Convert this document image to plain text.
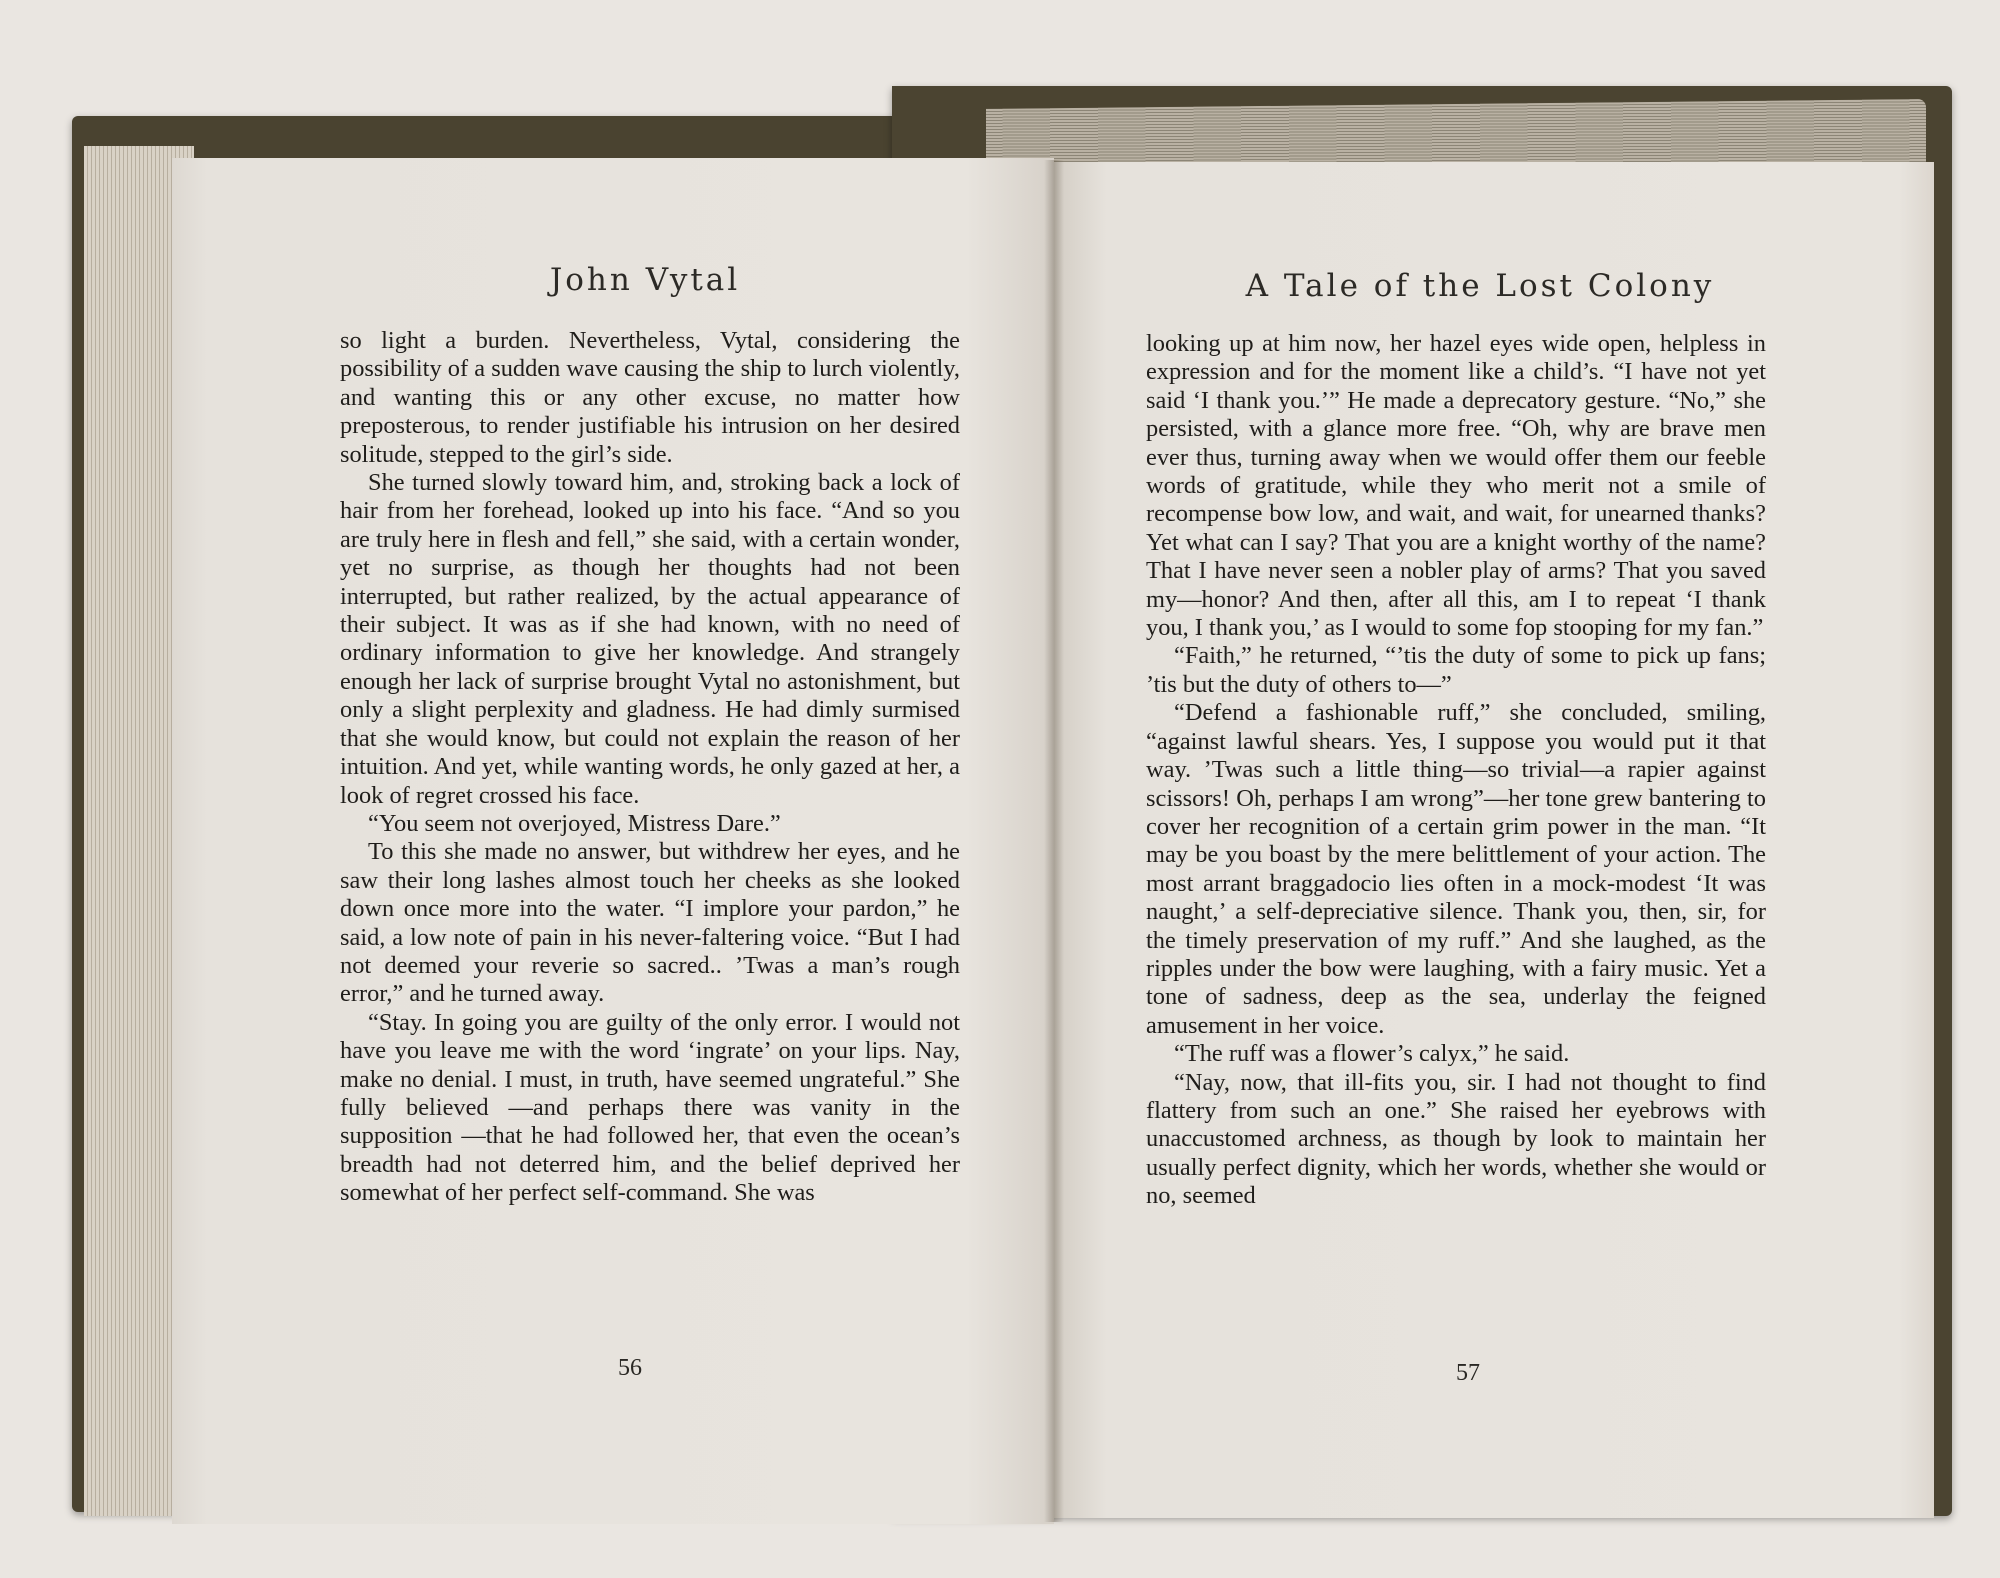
John Vytal

so light a burden. Nevertheless, Vytal, considering the possibility of a sudden wave causing the ship to lurch violently, and wanting this or any other excuse, no matter how preposterous, to render justifiable his intrusion on her desired solitude, stepped to the girl’s side.

She turned slowly toward him, and, stroking back a lock of hair from her forehead, looked up into his face. “And so you are truly here in flesh and fell,” she said, with a certain wonder, yet no surprise, as though her thoughts had not been interrupted, but rather realized, by the actual appearance of their subject. It was as if she had known, with no need of ordinary information to give her knowledge. And strangely enough her lack of surprise brought Vytal no astonishment, but only a slight perplexity and gladness. He had dimly surmised that she would know, but could not explain the reason of her intuition. And yet, while wanting words, he only gazed at her, a look of regret crossed his face.

“You seem not overjoyed, Mistress Dare.”

To this she made no answer, but withdrew her eyes, and he saw their long lashes almost touch her cheeks as she looked down once more into the water. “I implore your pardon,” he said, a low note of pain in his never-faltering voice. “But I had not deemed your reverie so sacred.. ’Twas a man’s rough error,” and he turned away.

“Stay. In going you are guilty of the only error. I would not have you leave me with the word ‘ingrate’ on your lips. Nay, make no denial. I must, in truth, have seemed ungrateful.” She fully believed —and perhaps there was vanity in the supposition —that he had followed her, that even the ocean’s breadth had not deterred him, and the belief deprived her somewhat of her perfect self-command. She was

56
A Tale of the Lost Colony

looking up at him now, her hazel eyes wide open, helpless in expression and for the moment like a child’s. “I have not yet said ‘I thank you.’” He made a deprecatory gesture. “No,” she persisted, with a glance more free. “Oh, why are brave men ever thus, turning away when we would offer them our feeble words of gratitude, while they who merit not a smile of recompense bow low, and wait, and wait, for unearned thanks? Yet what can I say? That you are a knight worthy of the name? That I have never seen a nobler play of arms? That you saved my—honor? And then, after all this, am I to repeat ‘I thank you, I thank you,’ as I would to some fop stooping for my fan.”

“Faith,” he returned, “’tis the duty of some to pick up fans; ’tis but the duty of others to—”

“Defend a fashionable ruff,” she concluded, smiling, “against lawful shears. Yes, I suppose you would put it that way. ’Twas such a little thing—so trivial—a rapier against scissors! Oh, perhaps I am wrong”—her tone grew bantering to cover her recognition of a certain grim power in the man. “It may be you boast by the mere belittlement of your action. The most arrant braggadocio lies often in a mock-modest ‘It was naught,’ a self-depreciative silence. Thank you, then, sir, for the timely preservation of my ruff.” And she laughed, as the ripples under the bow were laughing, with a fairy music. Yet a tone of sadness, deep as the sea, underlay the feigned amusement in her voice.

“The ruff was a flower’s calyx,” he said.

“Nay, now, that ill-fits you, sir. I had not thought to find flattery from such an one.” She raised her eyebrows with unaccustomed archness, as though by look to maintain her usually perfect dignity, which her words, whether she would or no, seemed

57
